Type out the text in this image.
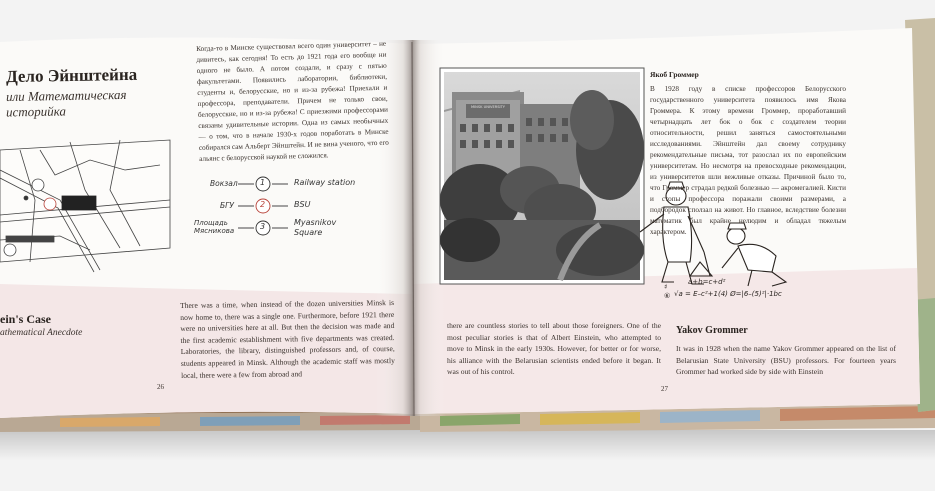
Дело Эйнштейна
или Математическая
историйка

Когда-то в Минске существовал всего один университет – не дивитесь, как сегодня! То есть до 1921 года его вообще ни одного не было. А потом создали, и сразу с пятью факультетами. Появились лаборатории, библиотеки, студенты и, белорусские, но и из-за рубежа! Приехали и профессора, преподаватели. Причем не только свои, белорусские, но и из-за рубежа! С приезжими профессорами связаны удивительные истории. Одна из самых необычных — о том, что в начале 1930-х годов поработать в Минске собирался сам Альберт Эйнштейн. И не вина ученого, что его альянс с белорусской наукой не сложился.

Вокзал
БГУ
Площадь Мясникова
1
2
3
Railway station
BSU
Myasnikov Square
ein's Case
athematical Anecdote

There was a time, when instead of the dozen universities Minsk is now home to, there was a single one. Furthermore, before 1921 there were no universities here at all. But then the decision was made and the first academic establishment with five departments was created. Laboratories, the library, distinguished professors and, of course, students appeared in Minsk. Although the academic staff was mostly local, there were a few from abroad and

26
Якоб Громмер

В 1928 году в списке профессоров Белорусского государственного университета появилось имя Якова Громмера. К этому времени Громмер, проработавший четырнадцать лет бок о бок с создателем теории относительности, решил заняться самостоятельными исследованиями. Эйнштейн дал своему сотруднику рекомендательные письма, тот разослал их по европейским университетам. Но несмотря на превосходные рекомендации, из университетов шли вежливые отказы. Причиной было то, что Громмер страдал редкой болезнью — акромегалией. Кисти и стопы профессора поражали своими размерами, а подбородок сползал на живот. Но главное, вследствие болезни математик был крайне нелюдим и обладал тяжелым характером.

a+b=c+d²
♯
⑥ √a = E–c²+1(4) Ø=|6–(5)²|·1bc

there are countless stories to tell about those foreigners. One of the most peculiar stories is that of Albert Einstein, who attempted to move to Minsk in the early 1930s. However, for better or for worse, his alliance with the Belarusian scientists ended before it began. It was out of his control.

27
Yakov Grommer

It was in 1928 when the name Yakov Grommer appeared on the list of Belarusian State University (BSU) professors. For fourteen years Grommer had worked side by side with Einstein

MINSK UNIVERSITY
